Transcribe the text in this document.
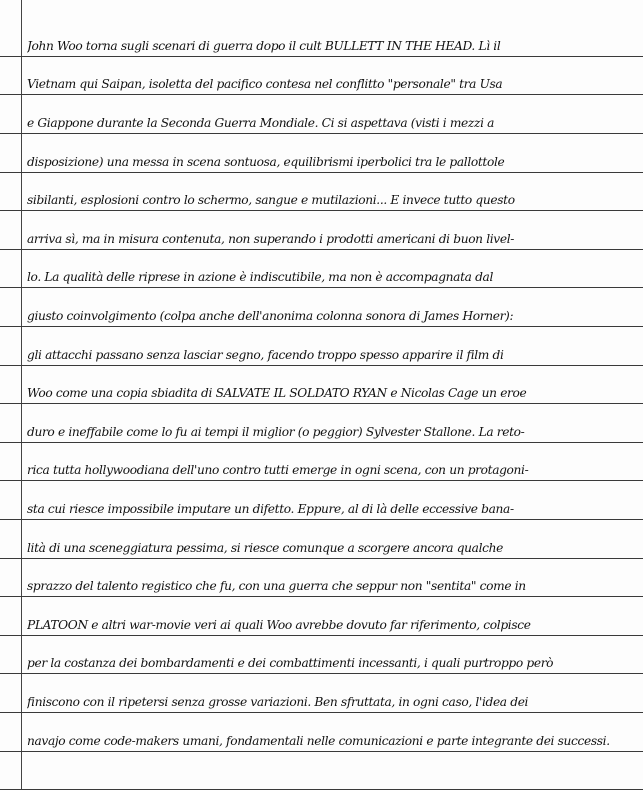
John Woo torna sugli scenari di guerra dopo il cult BULLETT IN THE HEAD. Lì il
Vietnam qui Saipan, isoletta del pacifico contesa nel conflitto "personale" tra Usa
e Giappone durante la Seconda Guerra Mondiale. Ci si aspettava (visti i mezzi a
disposizione) una messa in scena sontuosa, equilibrismi iperbolici tra le pallottole
sibilanti, esplosioni contro lo schermo, sangue e mutilazioni... E invece tutto questo
arriva sì, ma in misura contenuta, non superando i prodotti americani di buon livel-
lo. La qualità delle riprese in azione è indiscutibile, ma non è accompagnata dal
giusto coinvolgimento (colpa anche dell'anonima colonna sonora di James Horner):
gli attacchi passano senza lasciar segno, facendo troppo spesso apparire il film di
Woo come una copia sbiadita di SALVATE IL SOLDATO RYAN e Nicolas Cage un eroe
duro e ineffabile come lo fu ai tempi il miglior (o peggior) Sylvester Stallone. La reto-
rica tutta hollywoodiana dell'uno contro tutti emerge in ogni scena, con un protagoni-
sta cui riesce impossibile imputare un difetto. Eppure, al di là delle eccessive bana-
lità di una sceneggiatura pessima, si riesce comunque a scorgere ancora qualche
sprazzo del talento registico che fu, con una guerra che seppur non "sentita" come in
PLATOON e altri war-movie veri ai quali Woo avrebbe dovuto far riferimento, colpisce
per la costanza dei bombardamenti e dei combattimenti incessanti, i quali purtroppo però
finiscono con il ripetersi senza grosse variazioni. Ben sfruttata, in ogni caso, l'idea dei
navajo come code-makers umani, fondamentali nelle comunicazioni e parte integrante dei successi.
